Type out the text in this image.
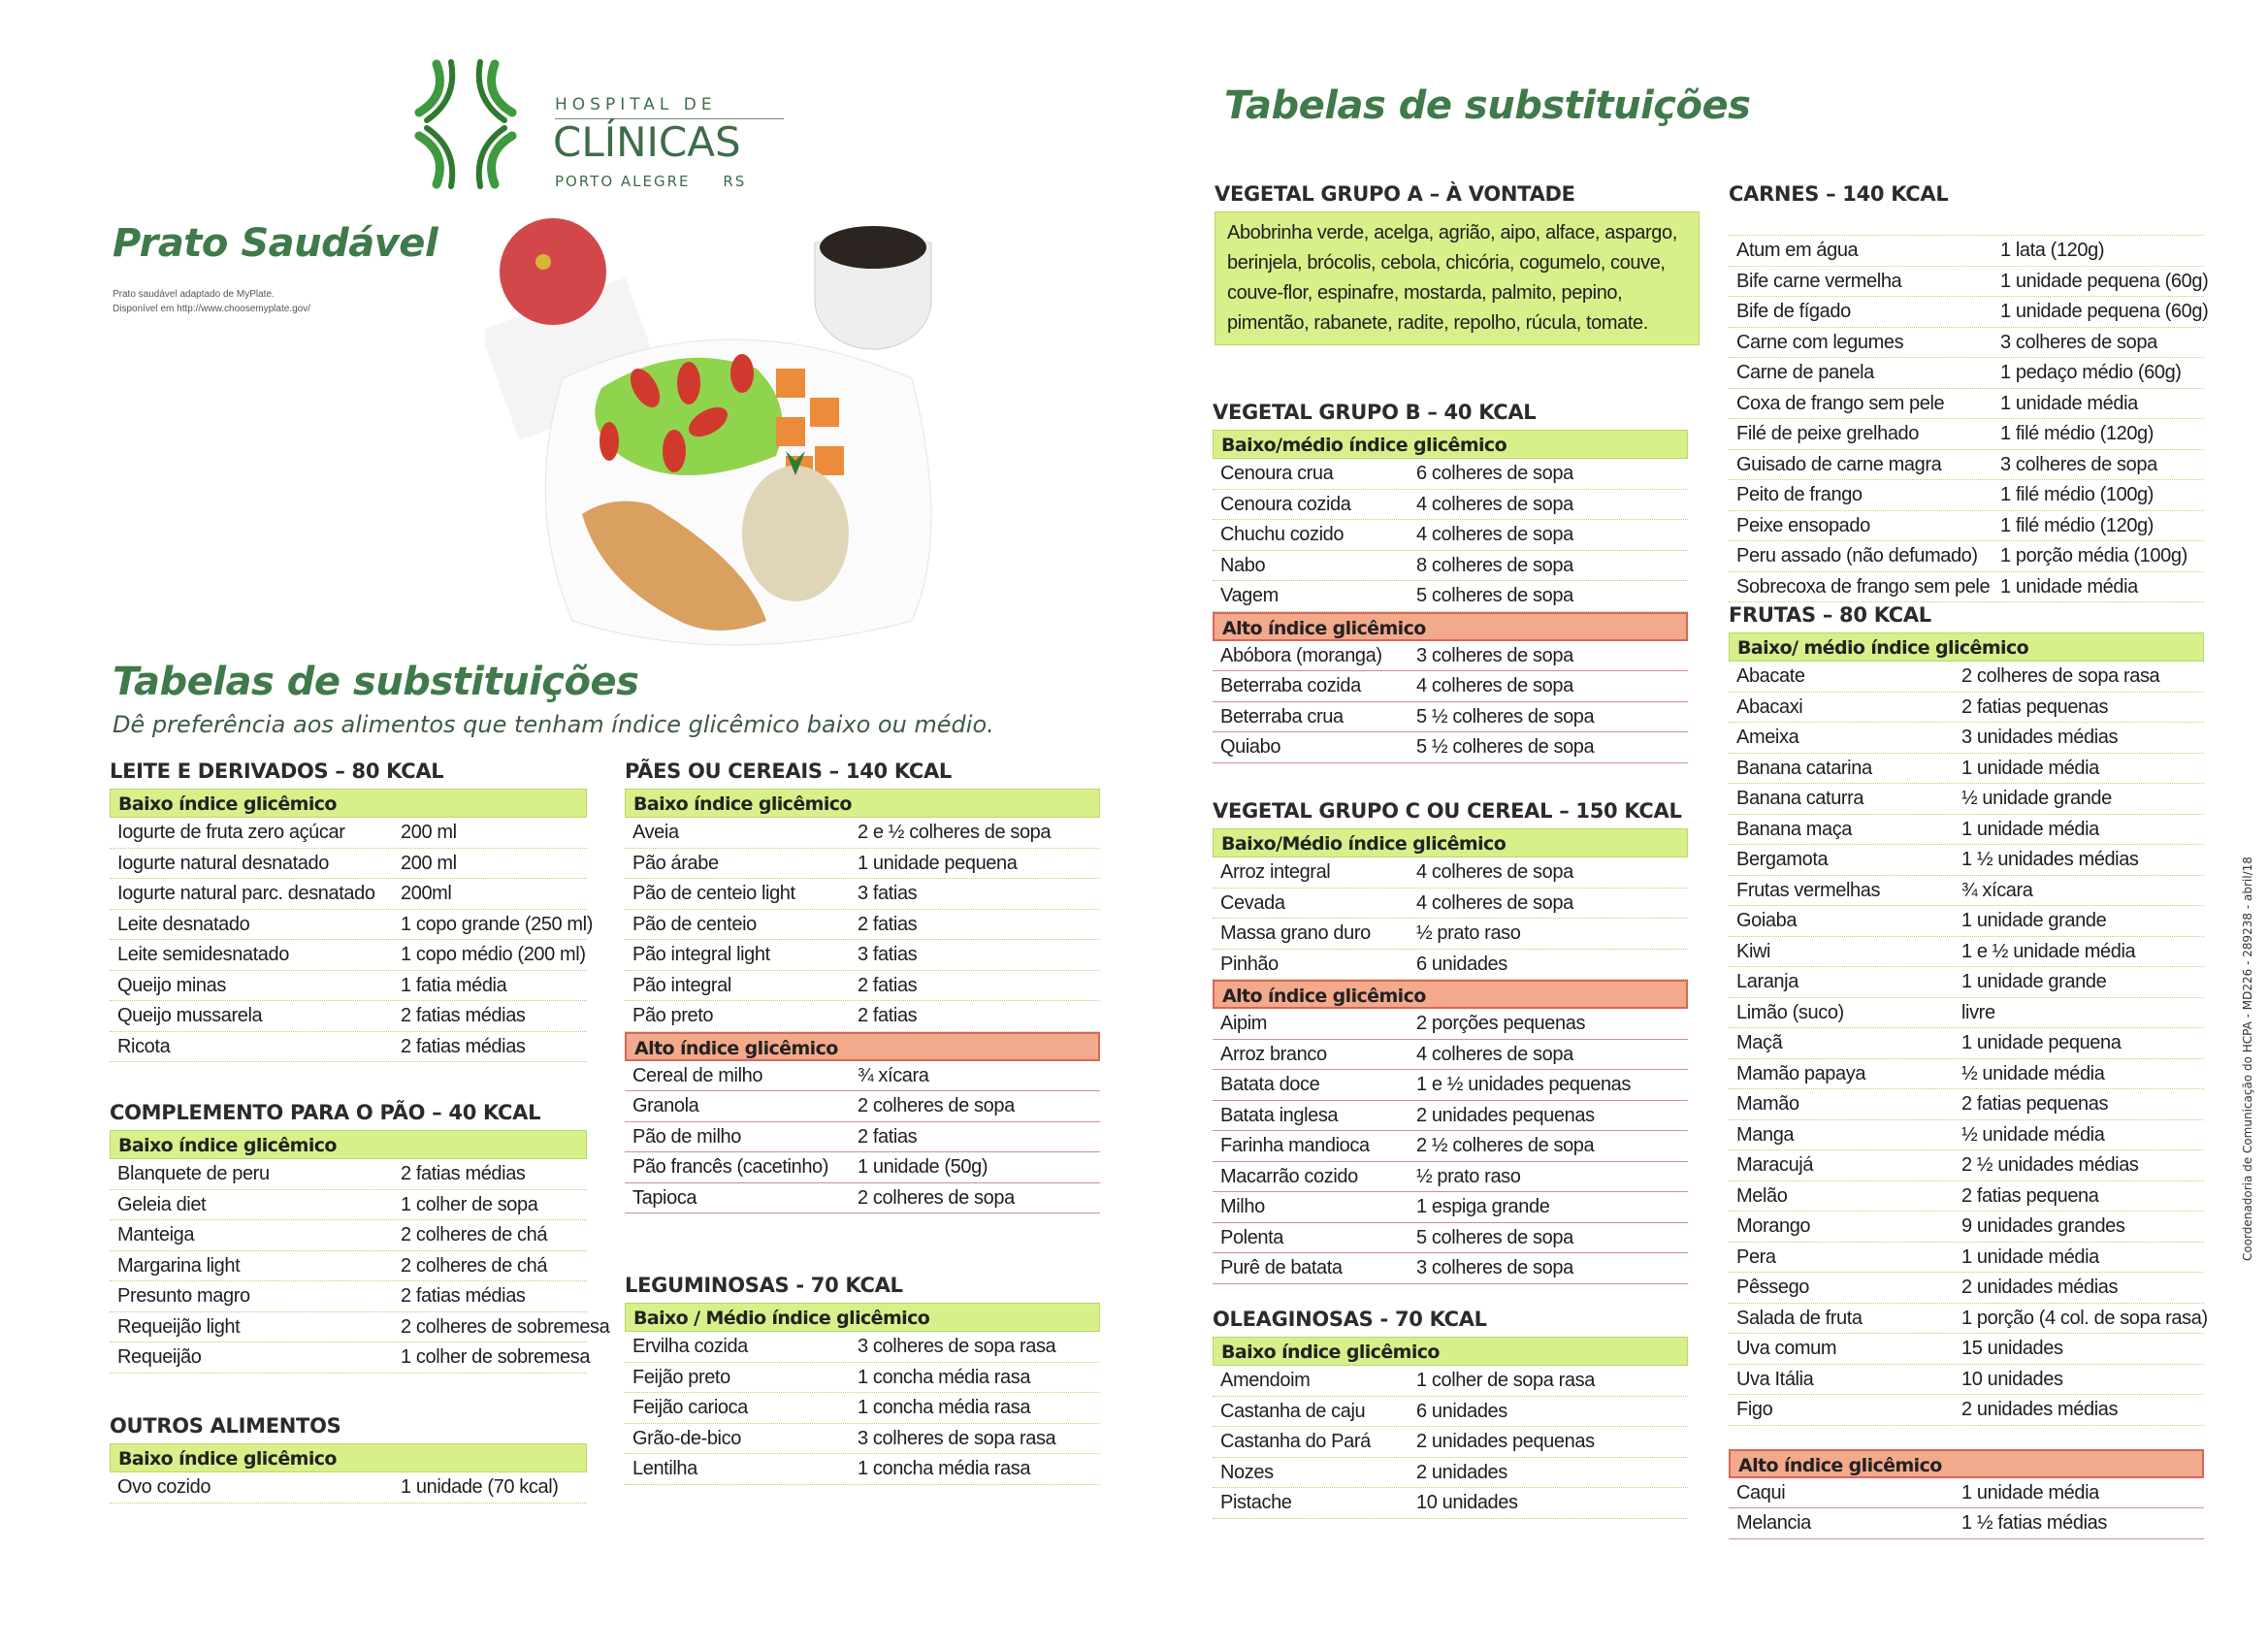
HOSPITAL DE
CLÍNICAS
PORTO ALEGRE     RS
Prato Saudável
Prato saudável adaptado de MyPlate.
Disponível em http://www.choosemyplate.gov/
Tabelas de substituições
Dê preferência aos alimentos que tenham índice glicêmico baixo ou médio.
LEITE E DERIVADOS – 80 KCAL
Baixo índice glicêmico
Iogurte de fruta zero açúcar	200 ml
Iogurte natural desnatado	200 ml
Iogurte natural parc. desnatado 200ml
Leite desnatado	1 copo grande (250 ml)
Leite semidesnatado	1 copo médio (200 ml)
Queijo minas	1 fatia média
Queijo mussarela	2 fatias médias
Ricota	2 fatias médias
COMPLEMENTO PARA O PÃO – 40 KCAL
Baixo índice glicêmico
Blanquete de peru	2 fatias médias
Geleia diet	1 colher de sopa
Manteiga	2 colheres de chá
Margarina light	2 colheres de chá
Presunto magro	2 fatias médias
Requeijão light	2 colheres de sobremesa
Requeijão	1 colher de sobremesa
OUTROS ALIMENTOS
Baixo índice glicêmico
Ovo cozido	1 unidade (70 kcal)
PÃES OU CEREAIS – 140 KCAL
Baixo índice glicêmico
Aveia	2 e ½ colheres de sopa
Pão árabe	1 unidade pequena
Pão de centeio light	3 fatias
Pão de centeio	2 fatias
Pão integral light	3 fatias
Pão integral	2 fatias
Pão preto	2 fatias
Alto índice glicêmico
Cereal de milho	¾ xícara
Granola	2 colheres de sopa
Pão de milho	2 fatias
Pão francês (cacetinho) 1 unidade (50g)
Tapioca	2 colheres de sopa
LEGUMINOSAS - 70 KCAL
Baixo / Médio índice glicêmico
Ervilha cozida	3 colheres de sopa rasa
Feijão preto	1 concha média rasa
Feijão carioca	1 concha média rasa
Grão-de-bico	3 colheres de sopa rasa
Lentilha	1 concha média rasa
Tabelas de substituições
VEGETAL GRUPO A – À VONTADE
Abobrinha verde, acelga, agrião, aipo, alface, aspargo, berinjela, brócolis, cebola, chicória, cogumelo, couve, couve-flor, espinafre, mostarda, palmito, pepino, pimentão, rabanete, radite, repolho, rúcula, tomate.
VEGETAL GRUPO B – 40 KCAL
Baixo/médio índice glicêmico
Cenoura crua	6 colheres de sopa
Cenoura cozida	4 colheres de sopa
Chuchu cozido	4 colheres de sopa
Nabo	8 colheres de sopa
Vagem	5 colheres de sopa
Alto índice glicêmico
Abóbora (moranga) 3 colheres de sopa
Beterraba cozida	4 colheres de sopa
Beterraba crua	5 ½ colheres de sopa
Quiabo	5 ½ colheres de sopa
VEGETAL GRUPO C OU CEREAL – 150 KCAL
Baixo/Médio índice glicêmico
Arroz integral	4 colheres de sopa
Cevada	4 colheres de sopa
Massa grano duro ½ prato raso
Pinhão	6 unidades
Alto índice glicêmico
Aipim	2 porções pequenas
Arroz branco	4 colheres de sopa
Batata doce	1 e ½ unidades pequenas
Batata inglesa	2 unidades pequenas
Farinha mandioca 2 ½ colheres de sopa
Macarrão cozido	½ prato raso
Milho	1 espiga grande
Polenta	5 colheres de sopa
Purê de batata	3 colheres de sopa
OLEAGINOSAS - 70 KCAL
Baixo índice glicêmico
Amendoim	1 colher de sopa rasa
Castanha de caju	6 unidades
Castanha do Pará 2 unidades pequenas
Nozes	2 unidades
Pistache	10 unidades
CARNES – 140 KCAL
Atum em água	1 lata (120g)
Bife carne vermelha	1 unidade pequena (60g)
Bife de fígado	1 unidade pequena (60g)
Carne com legumes	3 colheres de sopa
Carne de panela	1 pedaço médio (60g)
Coxa de frango sem pele	1 unidade média
Filé de peixe grelhado	1 filé médio (120g)
Guisado de carne magra	3 colheres de sopa
Peito de frango	1 filé médio (100g)
Peixe ensopado	1 filé médio (120g)
Peru assado (não defumado) 1 porção média (100g)
Sobrecoxa de frango sem pele 1 unidade média
FRUTAS – 80 KCAL
Baixo/ médio índice glicêmico
Abacate	2 colheres de sopa rasa
Abacaxi	2 fatias pequenas
Ameixa	3 unidades médias
Banana catarina	1 unidade média
Banana caturra	½ unidade grande
Banana maça	1 unidade média
Bergamota	1 ½ unidades médias
Frutas vermelhas	¾ xícara
Goiaba	1 unidade grande
Kiwi	1 e ½ unidade média
Laranja	1 unidade grande
Limão (suco)	livre
Maçã	1 unidade pequena
Mamão papaya	½ unidade média
Mamão	2 fatias pequenas
Manga	½ unidade média
Maracujá	2 ½ unidades médias
Melão	2 fatias pequena
Morango	9 unidades grandes
Pera	1 unidade média
Pêssego	2 unidades médias
Salada de fruta	1 porção (4 col. de sopa rasa)
Uva comum	15 unidades
Uva Itália	10 unidades
Figo	2 unidades médias
Alto índice glicêmico
Caqui	1 unidade média
Melancia	1 ½ fatias médias
Coordenadoria de Comunicação do HCPA - MD226 - 289238 - abril/18
